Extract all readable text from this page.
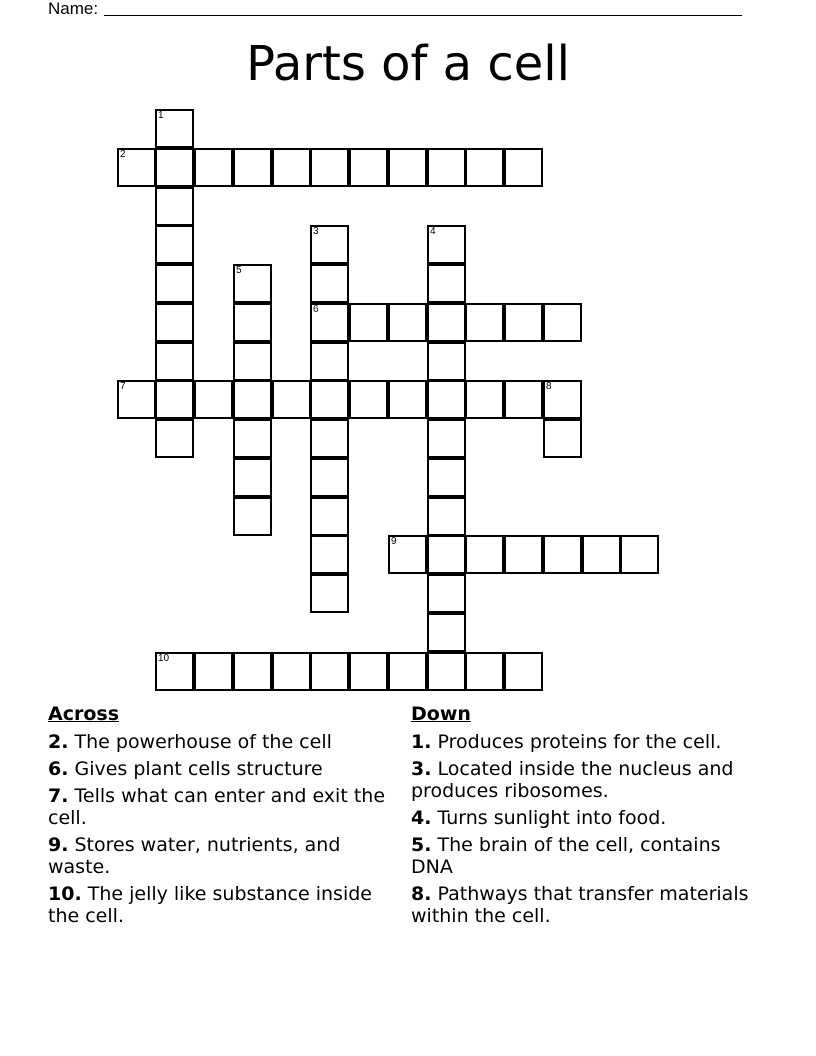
Name:
Parts of a cell
1
2
3
6
4
5
7	8
9
10
Across
2. The powerhouse of the cell
6. Gives plant cells structure
7. Tells what can enter and exit the cell.
9. Stores water, nutrients, and waste.
10. The jelly like substance inside the cell.
Down
1. Produces proteins for the cell.
3. Located inside the nucleus and produces ribosomes.
4. Turns sunlight into food.
5. The brain of the cell, contains DNA
8. Pathways that transfer materials within the cell.
